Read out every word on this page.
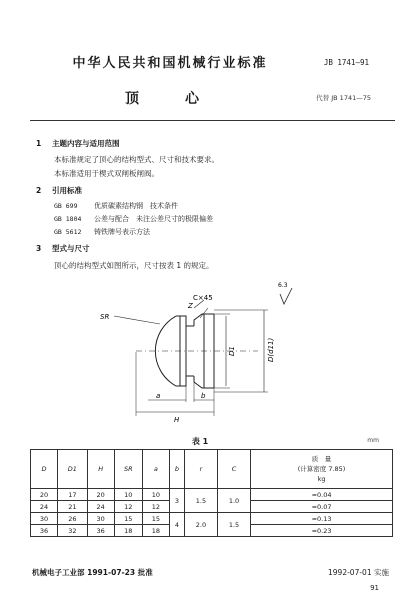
中华人民共和国机械行业标准	JB 1741—91
顶　心	代替 JB 1741—75
1 主题内容与适用范围
本标准规定了顶心的结构型式、尺寸和技术要求。
本标准适用于楔式双闸板闸阀。
2 引用标准
GB 699 优质碳素结构钢　技术条件
GB 1804 公差与配合　未注公差尺寸的极限偏差
GB 5612 铸铁牌号表示方法
3 型式与尺寸
顶心的结构型式如图所示，尺寸按表 1 的规定。
C×45
Z
SR
6.3
D1	D(d11)
a	b
H
表 1	mm
D	D1	H	SR	a	b	r	C	质　量
(计算密度 7.85)
kg

20	17	20	10	10	3	1.5	1.0	≈0.04
24	21	24	12	12				≈0.07
30	26	30	15	15	4	2.0	1.5	≈0.13
36	32	36	18	18				≈0.23
机械电子工业部 1991-07-23 批准	1992-07-01 实施
91
